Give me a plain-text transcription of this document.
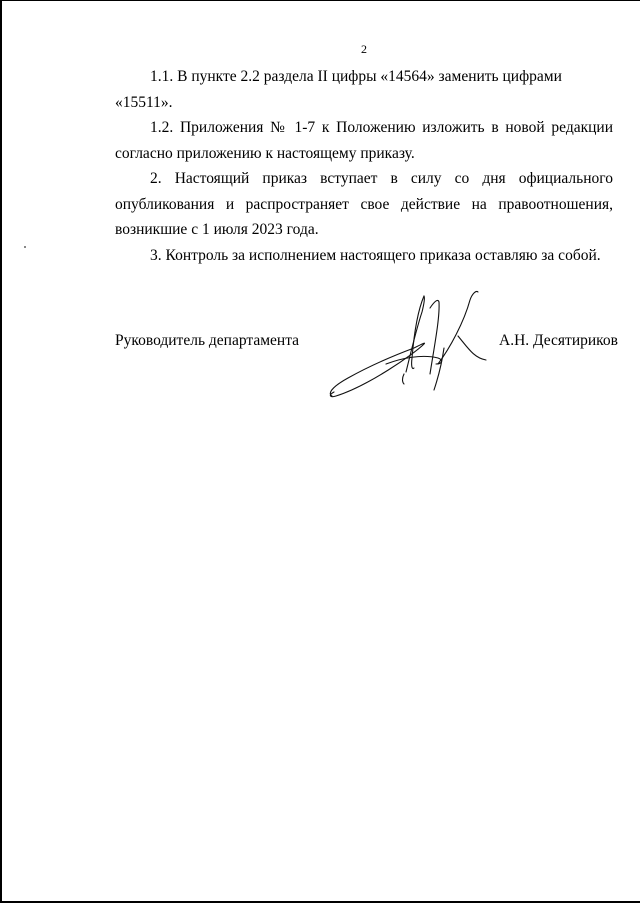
2

1.1. В пункте 2.2 раздела II цифры «14564» заменить цифрами «15511».

1.2. Приложения № 1-7 к Положению изложить в новой редакции согласно приложению к настоящему приказу.

2. Настоящий приказ вступает в силу со дня официального опубликования и распространяет свое действие на правоотношения, возникшие с 1 июля 2023 года.

3. Контроль за исполнением настоящего приказа оставляю за собой.

Руководитель департамента	А.Н. Десятириков
